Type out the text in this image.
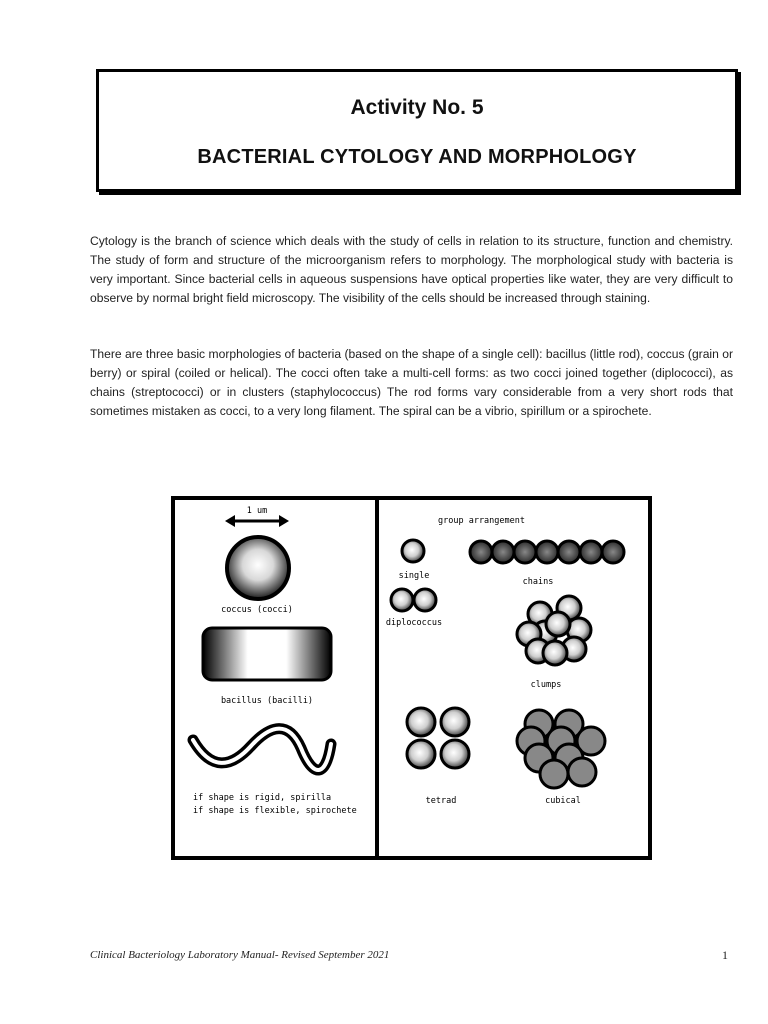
Activity No. 5
BACTERIAL CYTOLOGY AND MORPHOLOGY

Cytology is the branch of science which deals with the study of cells in relation to its structure, function and chemistry. The study of form and structure of the microorganism refers to morphology. The morphological study with bacteria is very important. Since bacterial cells in aqueous suspensions have optical properties like water, they are very difficult to observe by normal bright field microscopy. The visibility of the cells should be increased through staining.

There are three basic morphologies of bacteria (based on the shape of a single cell): bacillus (little rod), coccus (grain or berry) or spiral (coiled or helical). The cocci often take a multi-cell forms: as two cocci joined together (diplococci), as chains (streptococci) or in clusters (staphylococcus) The rod forms vary considerable from a very short rods that sometimes mistaken as cocci, to a very long filament. The spiral can be a vibrio, spirillum or a spirochete.

1 um
coccus (cocci)
bacillus (bacilli)
if shape is rigid, spirilla
if shape is flexible, spirochete
group arrangement
single
chains
diplococcus
clumps
tetrad	cubical
Clinical Bacteriology Laboratory Manual- Revised September 2021	1
